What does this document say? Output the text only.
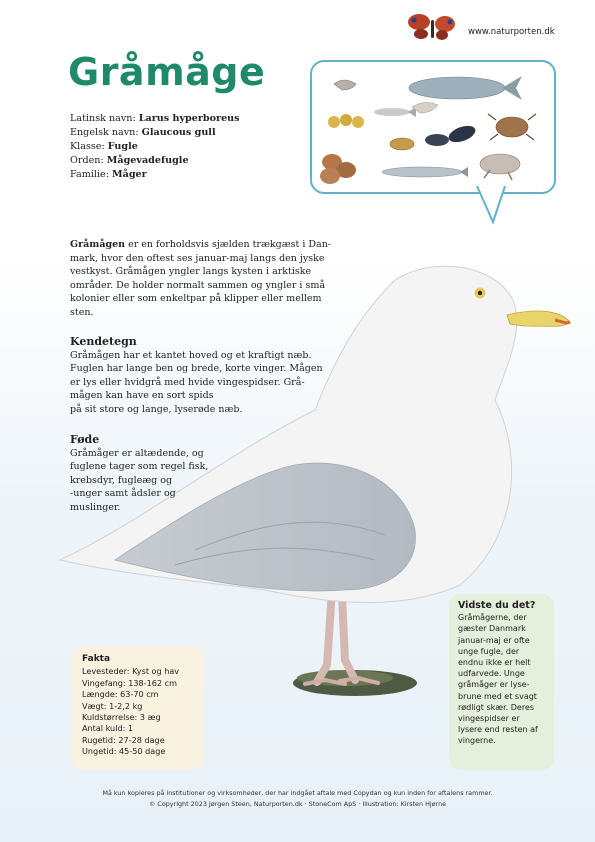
www.naturporten.dk
Gråmåge
Latinsk navn: Larus hyperboreus
Engelsk navn: Glaucous gull
Klasse: Fugle
Orden: Mågevadefugle
Familie: Måger
Gråmågen er en forholdsvis sjælden trækgæst i Dan-
mark, hvor den oftest ses januar-maj langs den jyske
vestkyst. Gråmågen yngler langs kysten i arktiske
områder. De holder normalt sammen og yngler i små
kolonier eller som enkeltpar på klipper eller mellem
sten.
Kendetegn
Gråmågen har et kantet hoved og et kraftigt næb.
Fuglen har lange ben og brede, korte vinger. Mågen
er lys eller hvidgrå med hvide vingespidser. Grå-
mågen kan have en sort spids
på sit store og lange, lyserøde næb.
Føde
Gråmåger er altædende, og
fuglene tager som regel fisk,
krebsdyr, fugleæg og
-unger samt ådsler og
muslinger.
Fakta
Levesteder: Kyst og hav
Vingefang: 138-162 cm
Længde: 63-70 cm
Vægt: 1-2,2 kg
Kuldstørrelse: 3 æg
Antal kuld: 1
Rugetid: 27-28 dage
Ungetid: 45-50 dage
Vidste du det?
Gråmågerne, der
gæster Danmark
januar-maj er ofte
unge fugle, der
endnu ikke er helt
udfarvede. Unge
gråmåger er lyse-
brune med et svagt
rødligt skær. Deres
vingespidser er
lysere end resten af
vingerne.
Må kun kopieres på institutioner og virksomheder, der har indgået aftale med Copydan og kun inden for aftalens rammer.
© Copyright 2023 Jørgen Steen, Naturporten.dk · StoneCom ApS · Illustration: Kirsten Hjørne
